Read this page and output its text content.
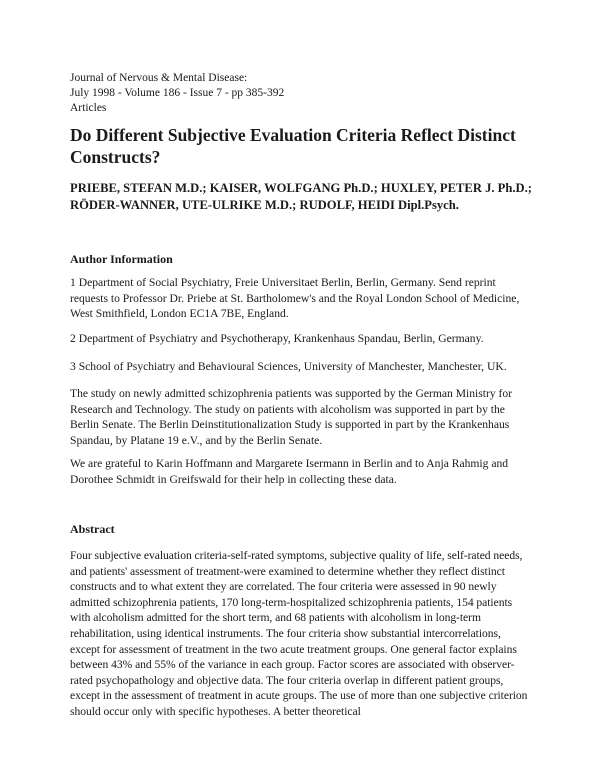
Journal of Nervous & Mental Disease:
July 1998 - Volume 186 - Issue 7 - pp 385-392
Articles
Do Different Subjective Evaluation Criteria Reflect Distinct Constructs?

PRIEBE, STEFAN M.D.; KAISER, WOLFGANG Ph.D.; HUXLEY, PETER J. Ph.D.; RÖDER-WANNER, UTE-ULRIKE M.D.; RUDOLF, HEIDI Dipl.Psych.

Author Information

1 Department of Social Psychiatry, Freie Universitaet Berlin, Berlin, Germany. Send reprint requests to Professor Dr. Priebe at St. Bartholomew's and the Royal London School of Medicine, West Smithfield, London EC1A 7BE, England.

2 Department of Psychiatry and Psychotherapy, Krankenhaus Spandau, Berlin, Germany.

3 School of Psychiatry and Behavioural Sciences, University of Manchester, Manchester, UK.

The study on newly admitted schizophrenia patients was supported by the German Ministry for Research and Technology. The study on patients with alcoholism was supported in part by the Berlin Senate. The Berlin Deinstitutionalization Study is supported in part by the Krankenhaus Spandau, by Platane 19 e.V., and by the Berlin Senate.

We are grateful to Karin Hoffmann and Margarete Isermann in Berlin and to Anja Rahmig and Dorothee Schmidt in Greifswald for their help in collecting these data.

Abstract

Four subjective evaluation criteria-self-rated symptoms, subjective quality of life, self-rated needs, and patients' assessment of treatment-were examined to determine whether they reflect distinct constructs and to what extent they are correlated. The four criteria were assessed in 90 newly admitted schizophrenia patients, 170 long-term-hospitalized schizophrenia patients, 154 patients with alcoholism admitted for the short term, and 68 patients with alcoholism in long-term rehabilitation, using identical instruments. The four criteria show substantial intercorrelations, except for assessment of treatment in the two acute treatment groups. One general factor explains between 43% and 55% of the variance in each group. Factor scores are associated with observer-rated psychopathology and objective data. The four criteria overlap in different patient groups, except in the assessment of treatment in acute groups. The use of more than one subjective criterion should occur only with specific hypotheses. A better theoretical
